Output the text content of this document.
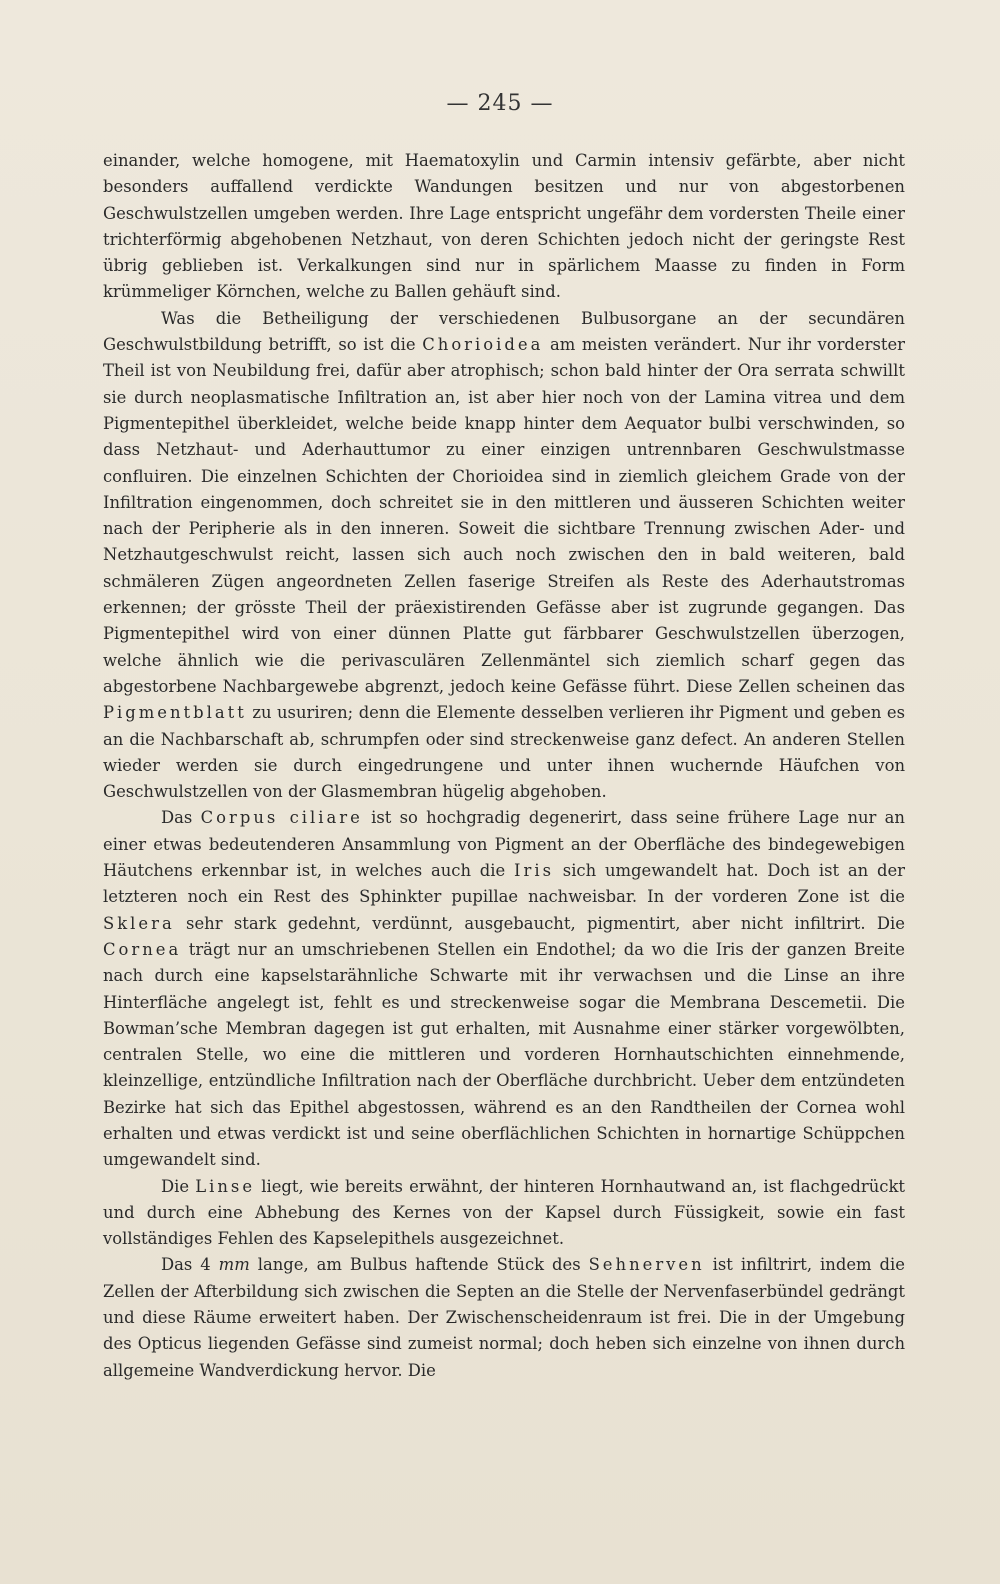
— 245 —

einander, welche homogene, mit Haematoxylin und Carmin intensiv gefärbte, aber nicht besonders auffallend verdickte Wandungen besitzen und nur von abgestorbenen Geschwulstzellen umgeben werden. Ihre Lage entspricht ungefähr dem vordersten Theile einer trichterförmig abgehobenen Netzhaut, von deren Schichten jedoch nicht der geringste Rest übrig geblieben ist. Verkalkungen sind nur in spärlichem Maasse zu finden in Form krümmeliger Körnchen, welche zu Ballen gehäuft sind.

Was die Betheiligung der verschiedenen Bulbusorgane an der secundären Geschwulstbildung betrifft, so ist die Chorioidea am meisten verändert. Nur ihr vorderster Theil ist von Neubildung frei, dafür aber atrophisch; schon bald hinter der Ora serrata schwillt sie durch neoplasmatische Infiltration an, ist aber hier noch von der Lamina vitrea und dem Pigmentepithel überkleidet, welche beide knapp hinter dem Aequator bulbi verschwinden, so dass Netzhaut- und Aderhauttumor zu einer einzigen untrennbaren Geschwulstmasse confluiren. Die einzelnen Schichten der Chorioidea sind in ziemlich gleichem Grade von der Infiltration eingenommen, doch schreitet sie in den mittleren und äusseren Schichten weiter nach der Peripherie als in den inneren. Soweit die sichtbare Trennung zwischen Ader- und Netzhautgeschwulst reicht, lassen sich auch noch zwischen den in bald weiteren, bald schmäleren Zügen angeordneten Zellen faserige Streifen als Reste des Aderhautstromas erkennen; der grösste Theil der präexistirenden Gefässe aber ist zugrunde gegangen. Das Pigmentepithel wird von einer dünnen Platte gut färbbarer Geschwulstzellen überzogen, welche ähnlich wie die perivasculären Zellenmäntel sich ziemlich scharf gegen das abgestorbene Nachbargewebe abgrenzt, jedoch keine Gefässe führt. Diese Zellen scheinen das Pigmentblatt zu usuriren; denn die Elemente desselben verlieren ihr Pigment und geben es an die Nachbarschaft ab, schrumpfen oder sind streckenweise ganz defect. An anderen Stellen wieder werden sie durch eingedrungene und unter ihnen wuchernde Häufchen von Geschwulstzellen von der Glasmembran hügelig abgehoben.

Das Corpus ciliare ist so hochgradig degenerirt, dass seine frühere Lage nur an einer etwas bedeutenderen Ansammlung von Pigment an der Oberfläche des bindegewebigen Häutchens erkennbar ist, in welches auch die Iris sich umgewandelt hat. Doch ist an der letzteren noch ein Rest des Sphinkter pupillae nachweisbar. In der vorderen Zone ist die Sklera sehr stark gedehnt, verdünnt, ausgebaucht, pigmentirt, aber nicht infiltrirt. Die Cornea trägt nur an umschriebenen Stellen ein Endothel; da wo die Iris der ganzen Breite nach durch eine kapselstarähnliche Schwarte mit ihr verwachsen und die Linse an ihre Hinterfläche angelegt ist, fehlt es und streckenweise sogar die Membrana Descemetii. Die Bowman’sche Membran dagegen ist gut erhalten, mit Ausnahme einer stärker vorgewölbten, centralen Stelle, wo eine die mittleren und vorderen Hornhautschichten einnehmende, kleinzellige, entzündliche Infiltration nach der Oberfläche durchbricht. Ueber dem entzündeten Bezirke hat sich das Epithel abgestossen, während es an den Randtheilen der Cornea wohl erhalten und etwas verdickt ist und seine oberflächlichen Schichten in hornartige Schüppchen umgewandelt sind.

Die Linse liegt, wie bereits erwähnt, der hinteren Hornhautwand an, ist flachgedrückt und durch eine Abhebung des Kernes von der Kapsel durch Füssigkeit, sowie ein fast vollständiges Fehlen des Kapselepithels ausgezeichnet.

Das 4 mm lange, am Bulbus haftende Stück des Sehnerven ist infiltrirt, indem die Zellen der Afterbildung sich zwischen die Septen an die Stelle der Nervenfaserbündel gedrängt und diese Räume erweitert haben. Der Zwischenscheidenraum ist frei. Die in der Umgebung des Opticus liegenden Gefässe sind zumeist normal; doch heben sich einzelne von ihnen durch allgemeine Wandverdickung hervor. Die
